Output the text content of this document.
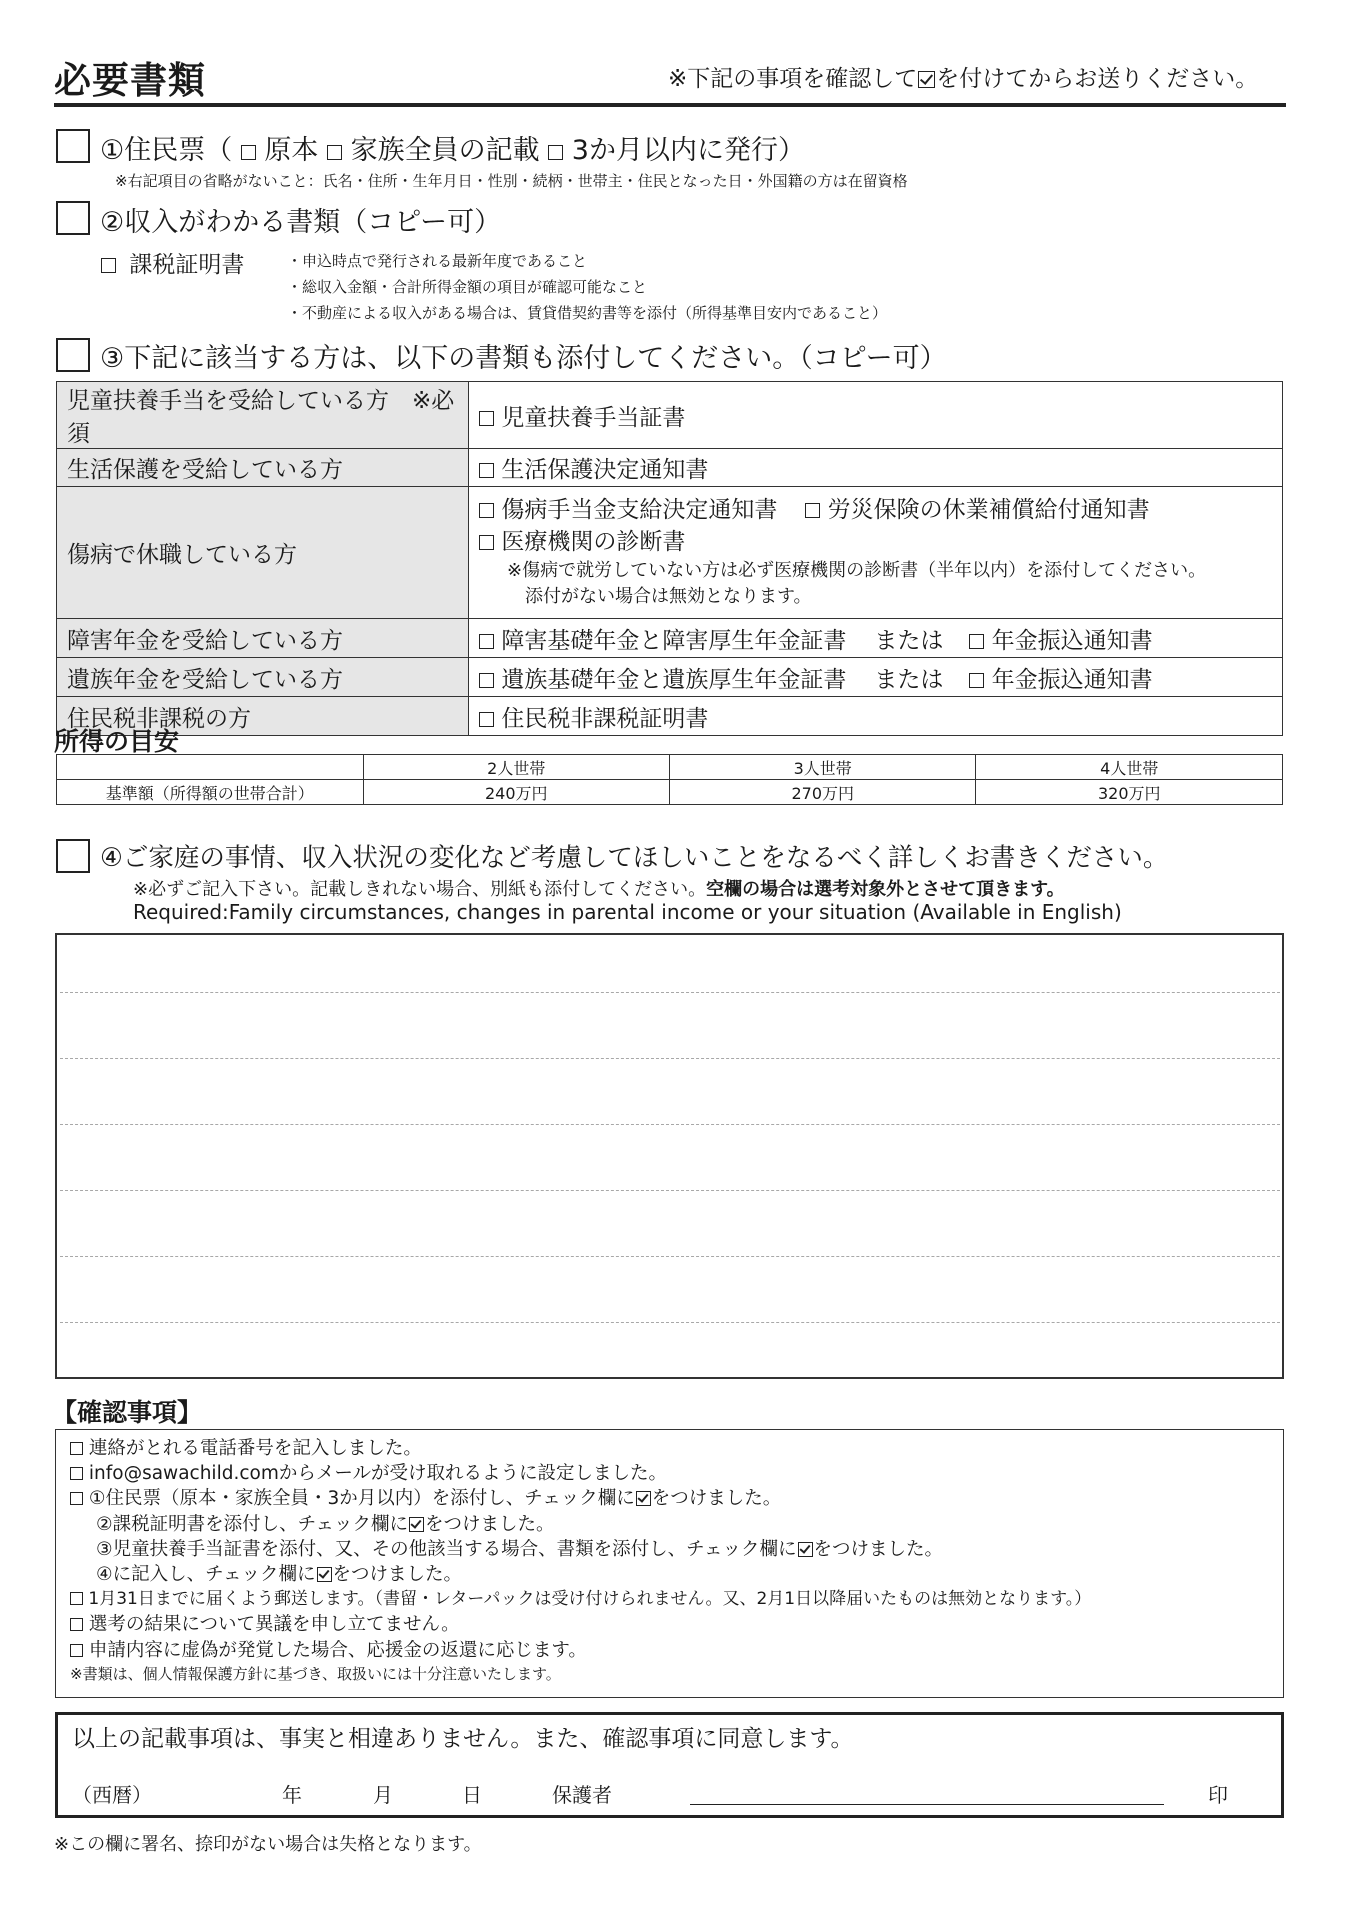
必要書類	※下記の事項を確認して を付けてからお送りください。
①住民票（ 原本 家族全員の記載 3か月以内に発行）
※右記項目の省略がないこと：氏名・住所・生年月日・性別・続柄・世帯主・住民となった日・外国籍の方は在留資格
②収入がわかる書類（コピー可）
課税証明書	・申込時点で発行される最新年度であること
・総収入金額・合計所得金額の項目が確認可能なこと
・不動産による収入がある場合は、賃貸借契約書等を添付（所得基準目安内であること）
③下記に該当する方は、以下の書類も添付してください。（コピー可）
児童扶養手当を受給している方　※必須	児童扶養手当証書
生活保護を受給している方	生活保護決定通知書
傷病で休職している方	傷病手当金支給決定通知書 労災保険の休業補償給付通知書
医療機関の診断書
※傷病で就労していない方は必ず医療機関の診断書（半年以内）を添付してください。
添付がない場合は無効となります。

障害年金を受給している方	障害基礎年金と障害厚生年金証書 または 年金振込通知書
遺族年金を受給している方	遺族基礎年金と遺族厚生年金証書 または 年金振込通知書
住民税非課税の方	住民税非課税証明書
所得の目安
	2人世帯	3人世帯	4人世帯
基準額（所得額の世帯合計）	240万円	270万円	320万円
④ご家庭の事情、収入状況の変化など考慮してほしいことをなるべく詳しくお書きください。
※必ずご記入下さい。記載しきれない場合、別紙も添付してください。空欄の場合は選考対象外とさせて頂きます。
Required:Family circumstances, changes in parental income or your situation (Available in English)
【確認事項】
連絡がとれる電話番号を記入しました。
info@sawachild.comからメールが受け取れるように設定しました。
①住民票（原本・家族全員・3か月以内）を添付し、チェック欄に をつけました。
②課税証明書を添付し、チェック欄に をつけました。
③児童扶養手当証書を添付、又、その他該当する場合、書類を添付し、チェック欄に をつけました。
④に記入し、チェック欄に をつけました。
1月31日までに届くよう郵送します。（書留・レターパックは受け付けられません。又、2月1日以降届いたものは無効となります。）
選考の結果について異議を申し立てません。
申請内容に虚偽が発覚した場合、応援金の返還に応じます。
※書類は、個人情報保護方針に基づき、取扱いには十分注意いたします。
以上の記載事項は、事実と相違ありません。また、確認事項に同意します。
（西暦）	年	月	日	保護者	印
※この欄に署名、捺印がない場合は失格となります。
